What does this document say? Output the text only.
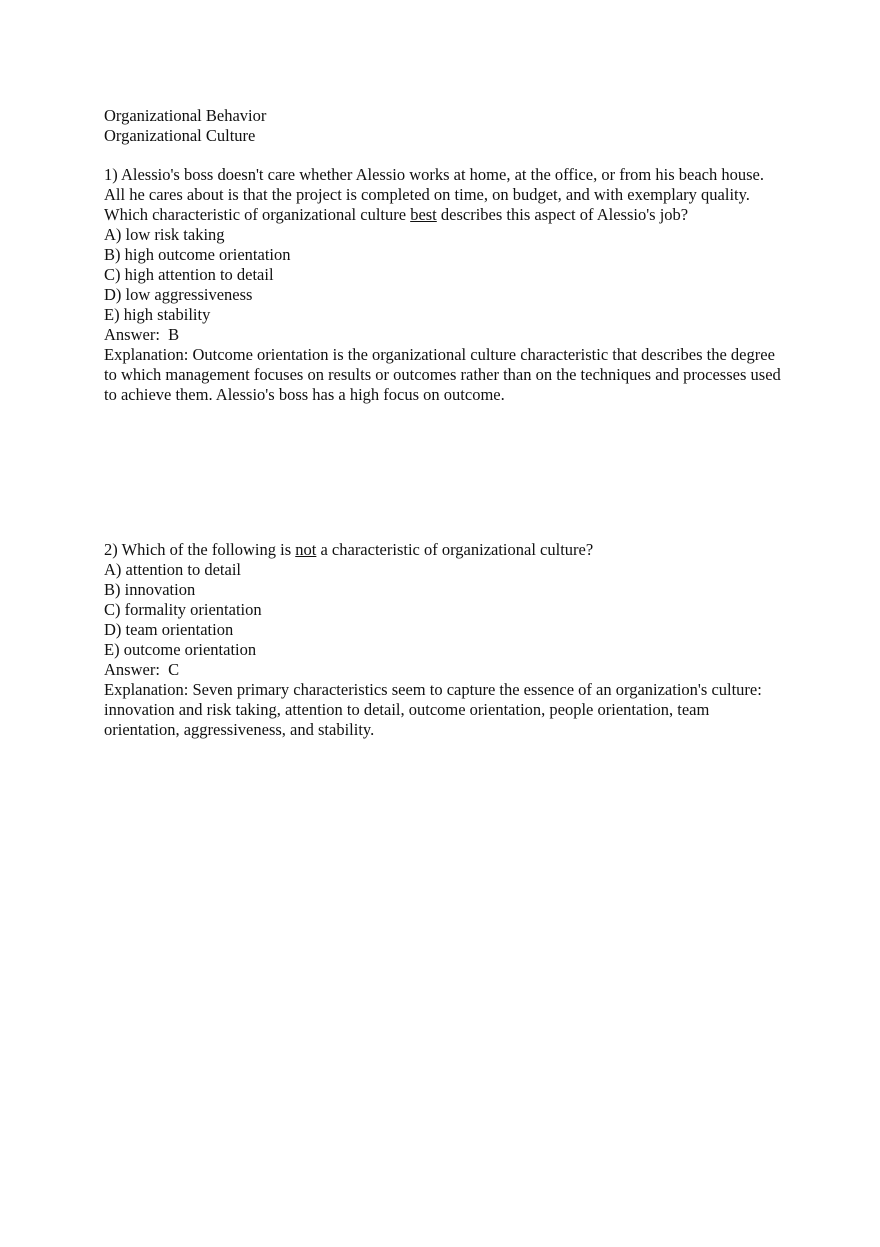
Organizational Behavior
Organizational Culture
1) Alessio's boss doesn't care whether Alessio works at home, at the office, or from his beach house. All he cares about is that the project is completed on time, on budget, and with exemplary quality. Which characteristic of organizational culture best describes this aspect of Alessio's job?
A) low risk taking
B) high outcome orientation
C) high attention to detail
D) low aggressiveness
E) high stability
Answer:  B
Explanation: Outcome orientation is the organizational culture characteristic that describes the degree to which management focuses on results or outcomes rather than on the techniques and processes used to achieve them. Alessio's boss has a high focus on outcome.
2) Which of the following is not a characteristic of organizational culture?
A) attention to detail
B) innovation
C) formality orientation
D) team orientation
E) outcome orientation
Answer:  C
Explanation: Seven primary characteristics seem to capture the essence of an organization's culture: innovation and risk taking, attention to detail, outcome orientation, people orientation, team orientation, aggressiveness, and stability.
